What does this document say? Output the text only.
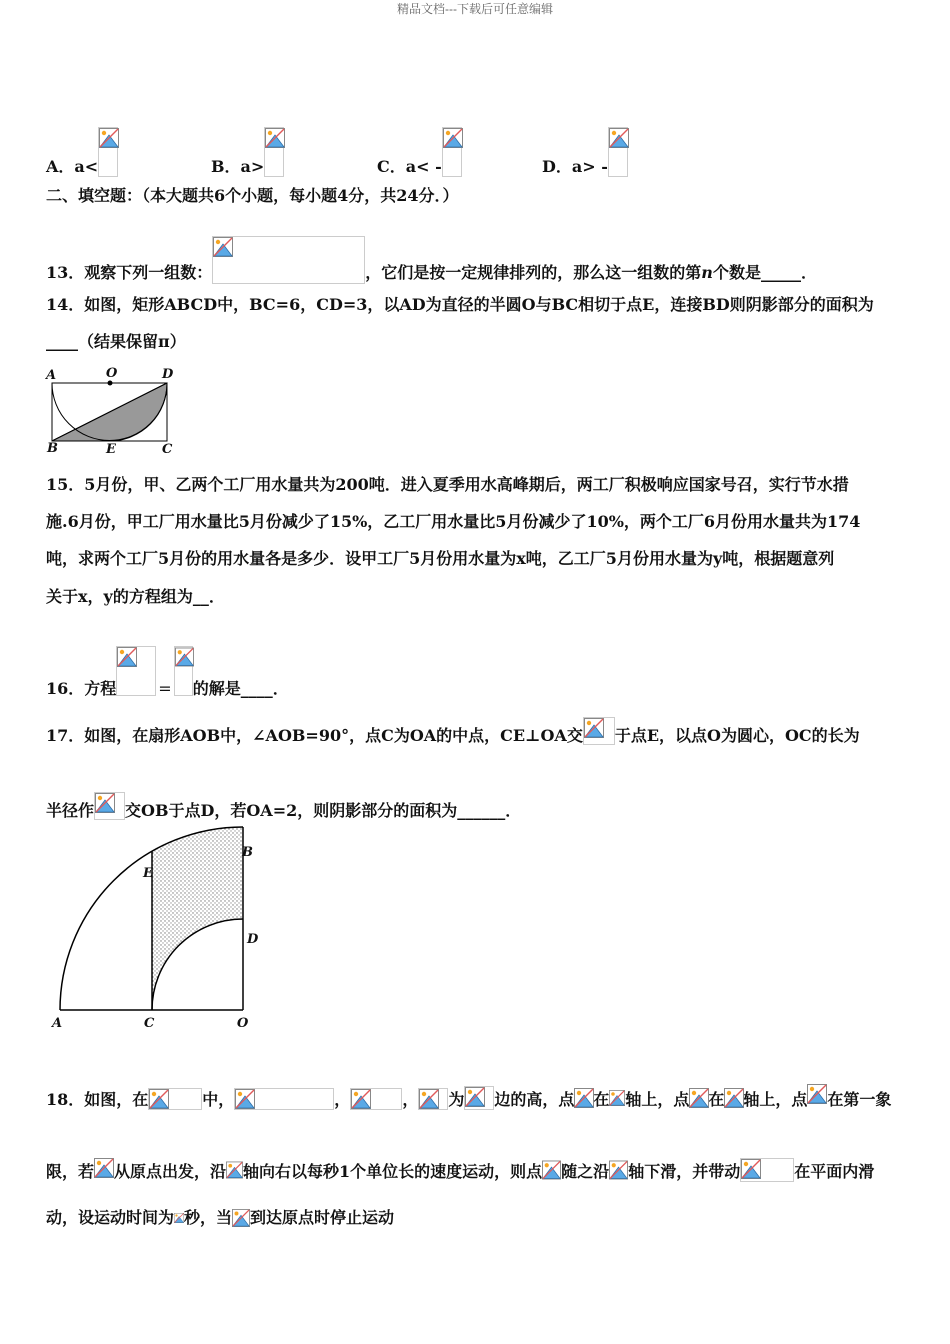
精品文档---下载后可任意编辑
A．a<	B．a>	C．a< -	D．a> -
二、填空题：（本大题共6个小题，每小题4分，共24分．）
13．观察下列一组数：	，它们是按一定规律排列的，那么这一组数的第n个数是_____．
14．如图，矩形ABCD中，BC=6，CD=3，以AD为直径的半圆O与BC相切于点E，连接BD则阴影部分的面积为
____（结果保留π）
A	O	D
B	E	C
15．5月份，甲、乙两个工厂用水量共为200吨．进入夏季用水高峰期后，两工厂积极响应国家号召，实行节水措
施.6月份，甲工厂用水量比5月份减少了15%，乙工厂用水量比5月份减少了10%，两个工厂6月份用水量共为174
吨，求两个工厂5月份的用水量各是多少．设甲工厂5月份用水量为x吨，乙工厂5月份用水量为y吨，根据题意列
关于x，y的方程组为__．
16．方程	= 的解是____．
17．如图，在扇形AOB中，∠AOB=90°，点C为OA的中点，CE⊥OA交 于点E，以点O为圆心，OC的长为
半径作 交OB于点D，若OA=2，则阴影部分的面积为______．
E
B
D
A	C	O
18．如图，在	中，	，	， 为 边的高，点 在 轴上，点 在 轴上，点 在第一象
限，若 从原点出发，沿 轴向右以每秒1个单位长的速度运动，则点 随之沿 轴下滑，并带动	在平面内滑
动，设运动时间为 秒，当 到达原点时停止运动
